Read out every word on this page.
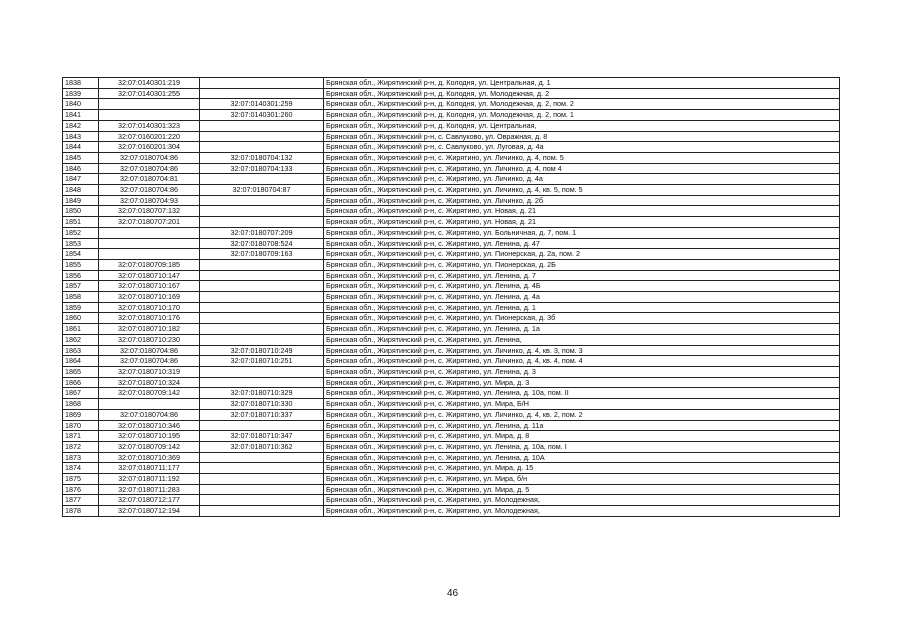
1838	32:07:0140301:219		Брянская обл., Жирятинский р-н, д. Колодня, ул. Центральная, д. 1
1839	32:07:0140301:255		Брянская обл., Жирятинский р-н, д. Колодня, ул. Молодежная, д. 2
1840		32:07:0140301:259	Брянская обл., Жирятинский р-н, д. Колодня, ул. Молодежная, д. 2, пом. 2
1841		32:07:0140301:260	Брянская обл., Жирятинский р-н, д. Колодня, ул. Молодежная, д. 2, пом. 1
1842	32:07:0140301:323		Брянская обл., Жирятинский р-н, д. Колодня, ул. Центральная,
1843	32:07:0160201:220		Брянская обл., Жирятинский р-н, с. Савлуково, ул. Овражная, д. 8
1844	32:07:0160201:304		Брянская обл., Жирятинский р-н, с. Савлуково, ул. Луговая, д. 4а
1845	32:07:0180704:86	32:07:0180704:132	Брянская обл., Жирятинский р-н, с. Жирятино, ул. Личинко, д. 4, пом. 5
1846	32:07:0180704:86	32:07:0180704:133	Брянская обл., Жирятинский р-н, с. Жирятино, ул. Личинко, д. 4, пом 4
1847	32:07:0180704:81		Брянская обл., Жирятинский р-н, с. Жирятино, ул. Личинко, д. 4а
1848	32:07:0180704:86	32:07:0180704:87	Брянская обл., Жирятинский р-н, с. Жирятино, ул. Личинко, д. 4, кв. 5, пом. 5
1849	32:07:0180704:93		Брянская обл., Жирятинский р-н, с. Жирятино, ул. Личинко, д. 2б
1850	32:07:0180707:132		Брянская обл., Жирятинский р-н, с. Жирятино, ул. Новая, д. 21
1851	32:07:0180707:201		Брянская обл., Жирятинский р-н, с. Жирятино, ул. Новая, д. 21
1852		32:07:0180707:209	Брянская обл., Жирятинский р-н, с. Жирятино, ул. Больничная, д. 7, пом. 1
1853		32:07:0180708:524	Брянская обл., Жирятинский р-н, с. Жирятино, ул. Ленина, д. 47
1854		32:07:0180709:163	Брянская обл., Жирятинский р-н, с. Жирятино, ул. Пионерская, д. 2а, пом. 2
1855	32:07:0180709:185		Брянская обл., Жирятинский р-н, с. Жирятино, ул. Пионерская, д. 2Б
1856	32:07:0180710:147		Брянская обл., Жирятинский р-н, с. Жирятино, ул. Ленина, д. 7
1857	32:07:0180710:167		Брянская обл., Жирятинский р-н, с. Жирятино, ул. Ленина, д. 4Б
1858	32:07:0180710:169		Брянская обл., Жирятинский р-н, с. Жирятино, ул. Ленина, д. 4а
1859	32:07:0180710:170		Брянская обл., Жирятинский р-н, с. Жирятино, ул. Ленина, д. 1
1860	32:07:0180710:176		Брянская обл., Жирятинский р-н, с. Жирятино, ул. Пионерская, д. 3б
1861	32:07:0180710:182		Брянская обл., Жирятинский р-н, с. Жирятино, ул. Ленина, д. 1а
1862	32:07:0180710:230		Брянская обл., Жирятинский р-н, с. Жирятино, ул. Ленина,
1863	32:07:0180704:86	32:07:0180710:249	Брянская обл., Жирятинский р-н, с. Жирятино, ул. Личинко, д. 4, кв. 3, пом. 3
1864	32:07:0180704:86	32:07:0180710:251	Брянская обл., Жирятинский р-н, с. Жирятино, ул. Личинко, д. 4, кв. 4, пом. 4
1865	32:07:0180710:319		Брянская обл., Жирятинский р-н, с. Жирятино, ул. Ленина, д. 3
1866	32:07:0180710:324		Брянская обл., Жирятинский р-н, с. Жирятино, ул. Мира, д. 3
1867	32:07:0180709:142	32:07:0180710:329	Брянская обл., Жирятинский р-н, с. Жирятино, ул. Ленина, д. 10а, пом. II
1868		32:07:0180710:330	Брянская обл., Жирятинский р-н, с. Жирятино, ул. Мира, Б/Н
1869	32:07:0180704:86	32:07:0180710:337	Брянская обл., Жирятинский р-н, с. Жирятино, ул. Личинко, д. 4, кв. 2, пом. 2
1870	32:07:0180710:346		Брянская обл., Жирятинский р-н, с. Жирятино, ул. Ленина, д. 11а
1871	32:07:0180710:195	32:07:0180710:347	Брянская обл., Жирятинский р-н, с. Жирятино, ул. Мира, д. 8
1872	32:07:0180709:142	32:07:0180710:362	Брянская обл., Жирятинский р-н, с. Жирятино, ул. Ленина, д. 10а, пом. I
1873	32:07:0180710:369		Брянская обл., Жирятинский р-н, с. Жирятино, ул. Ленина, д. 10А
1874	32:07:0180711:177		Брянская обл., Жирятинский р-н, с. Жирятино, ул. Мира, д. 15
1875	32:07:0180711:192		Брянская обл., Жирятинский р-н, с. Жирятино, ул. Мира, б/н
1876	32:07:0180711:283		Брянская обл., Жирятинский р-н, с. Жирятино, ул. Мира, д. 5
1877	32:07:0180712:177		Брянская обл., Жирятинский р-н, с. Жирятино, ул. Молодежная,
1878	32:07:0180712:194		Брянская обл., Жирятинский р-н, с. Жирятино, ул. Молодежная,
46
